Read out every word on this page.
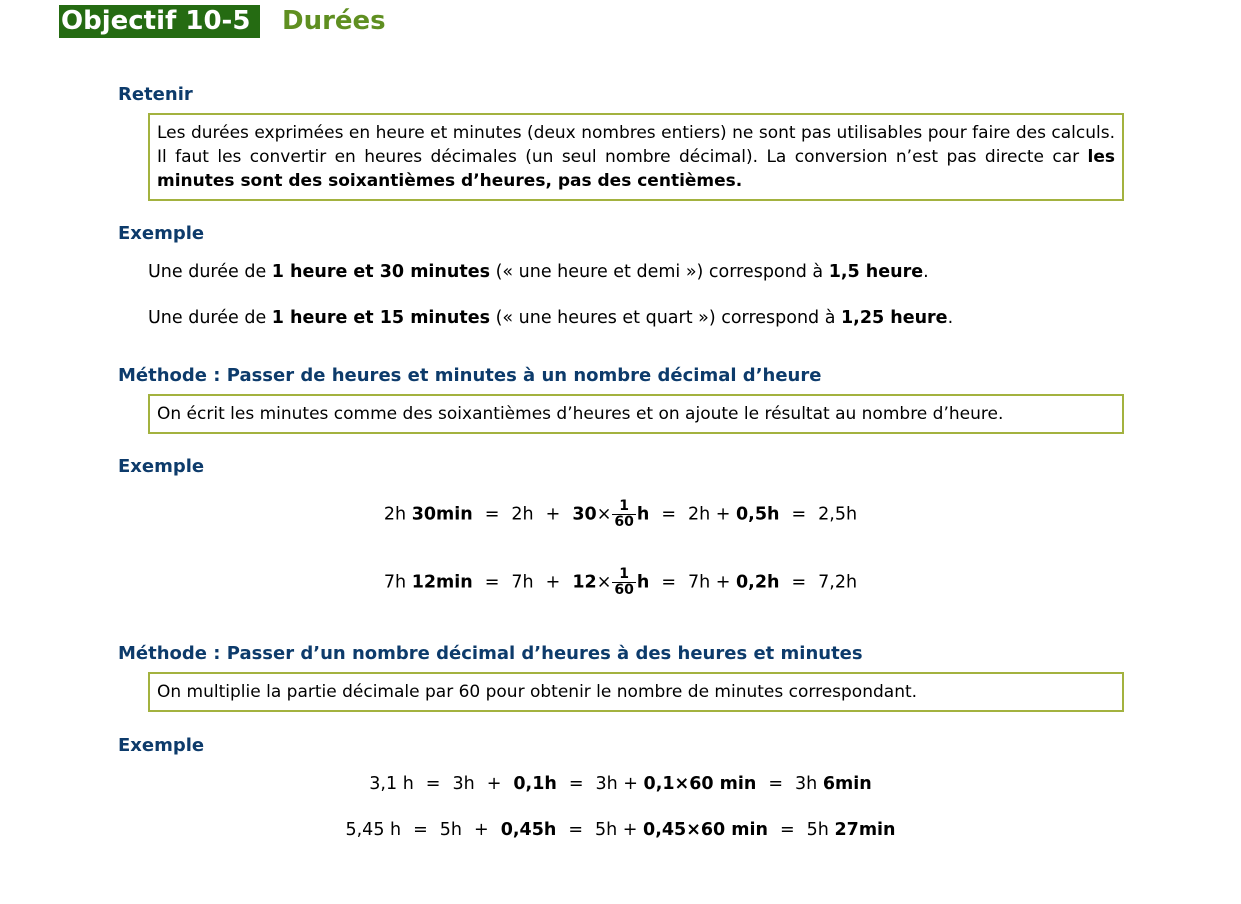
Objectif 10-5	Durées
Retenir
Les durées exprimées en heure et minutes (deux nombres entiers) ne sont pas utilisables pour faire des calculs. Il faut les convertir en heures décimales (un seul nombre décimal). La conversion n’est pas directe car les minutes sont des soixantièmes d’heures, pas des centièmes.
Exemple
Une durée de 1 heure et 30 minutes (« une heure et demi ») correspond à 1,5 heure.
Une durée de 1 heure et 15 minutes (« une heures et quart ») correspond à 1,25 heure.
Méthode : Passer de heures et minutes à un nombre décimal d’heure
On écrit les minutes comme des soixantièmes d’heures et on ajoute le résultat au nombre d’heure.
Exemple
2h $30\min = 2h + 30\times \frac{1}{60}$ h = 2h + 0,5h = 2,5h
7h $12\min = 7h + 12\times \frac{1}{60}$ h = 7h + 0,2h = 7,2h
Méthode : Passer d’un nombre décimal d’heures à des heures et minutes
On multiplie la partie décimale par 60 pour obtenir le nombre de minutes correspondant.
Exemple
3,1 h = 3h + 0,1h = 3h + 0,1×60 min = 3h 6min
5,45 h = 5h + 0,45h = 5h + 0,45×60 min = 5h 27min
